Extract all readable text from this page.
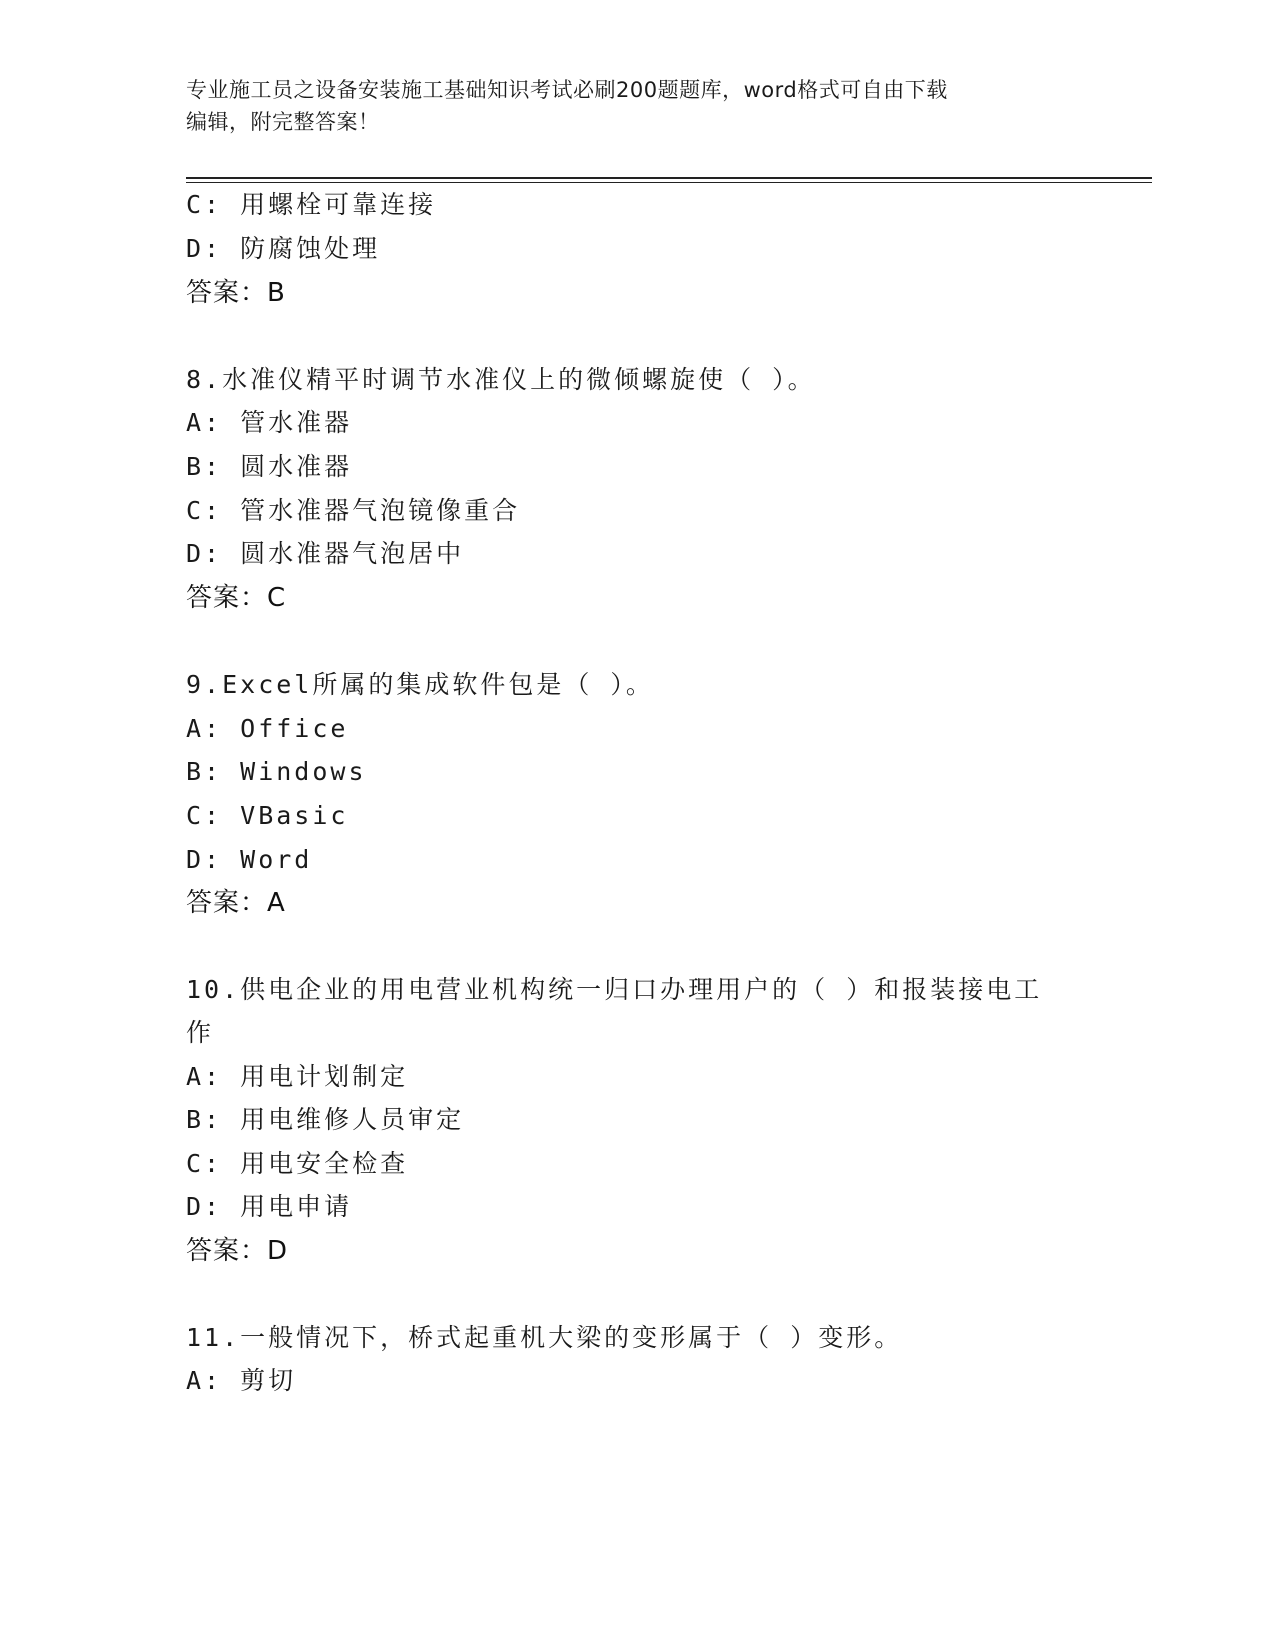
专业施工员之设备安装施工基础知识考试必刷200题题库，word格式可自由下载
编辑，附完整答案！
C: 用螺栓可靠连接
D: 防腐蚀处理
答案：B
8.水准仪精平时调节水准仪上的微倾螺旋使（ ）。
A: 管水准器
B: 圆水准器
C: 管水准器气泡镜像重合
D: 圆水准器气泡居中
答案：C
9.Excel所属的集成软件包是（ ）。
A: Office
B: Windows
C: VBasic
D: Word
答案：A
10.供电企业的用电营业机构统一归口办理用户的（ ）和报装接电工
作
A: 用电计划制定
B: 用电维修人员审定
C: 用电安全检查
D: 用电申请
答案：D
11.一般情况下，桥式起重机大梁的变形属于（ ）变形。
A: 剪切
